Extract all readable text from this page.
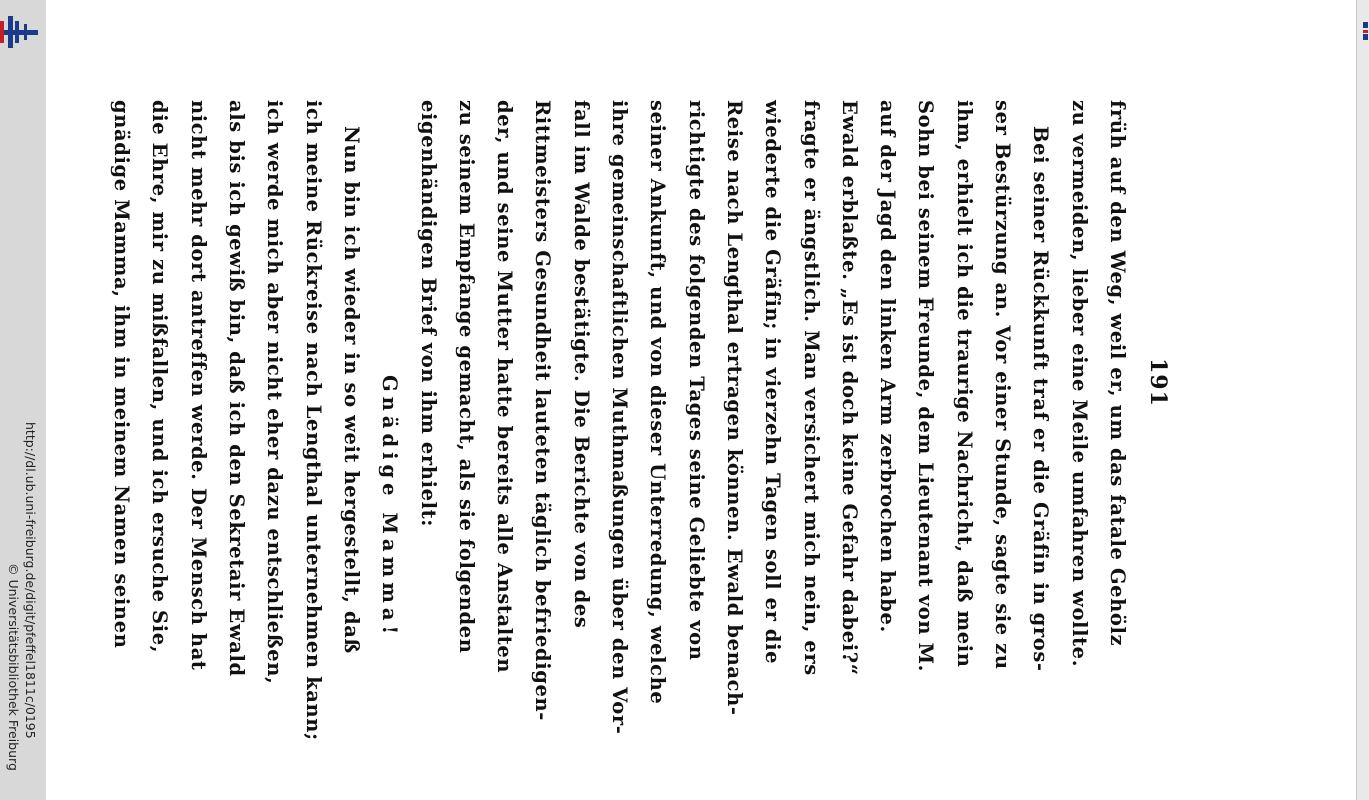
http://dl.ub.uni-freiburg.de/digit/pfeffel1811c/0195
© Universitätsbibliothek Freiburg
191
früh auf den Weg, weil er, um das fatale Gehölz
zu vermeiden, lieber eine Meile umfahren wollte.
Bei seiner Rückkunft traf er die Gräfin in gros-
ser Bestürzung an. Vor einer Stunde, sagte sie zu
ihm, erhielt ich die traurige Nachricht, daß mein
Sohn bei seinem Freunde, dem Lieutenant von M.
auf der Jagd den linken Arm zerbrochen habe.
Ewald erblaßte. „Es ist doch keine Gefahr dabei?“
fragte er ängstlich. Man versichert mich nein, ers
wiederte die Gräfin; in vierzehn Tagen soll er die
Reise nach Lengthal ertragen können. Ewald benach-
richtigte des folgenden Tages seine Geliebte von
seiner Ankunft, und von dieser Unterredung, welche
ihre gemeinschaftlichen Muthmaßungen über den Vor-
fall im Walde bestätigte. Die Berichte von des
Rittmeisters Gesundheit lauteten täglich befriedigen-
der, und seine Mutter hatte bereits alle Anstalten
zu seinem Empfange gemacht, als sie folgenden
eigenhändigen Brief von ihm erhielt:
Gnädige Mamma!
Nun bin ich wieder in so weit hergestellt, daß
ich meine Rückreise nach Lengthal unternehmen kann;
ich werde mich aber nicht eher dazu entschließen,
als bis ich gewiß bin, daß ich den Sekretair Ewald
nicht mehr dort antreffen werde. Der Mensch hat
die Ehre, mir zu mißfallen, und ich ersuche Sie,
gnädige Mamma, ihm in meinem Namen seinen
